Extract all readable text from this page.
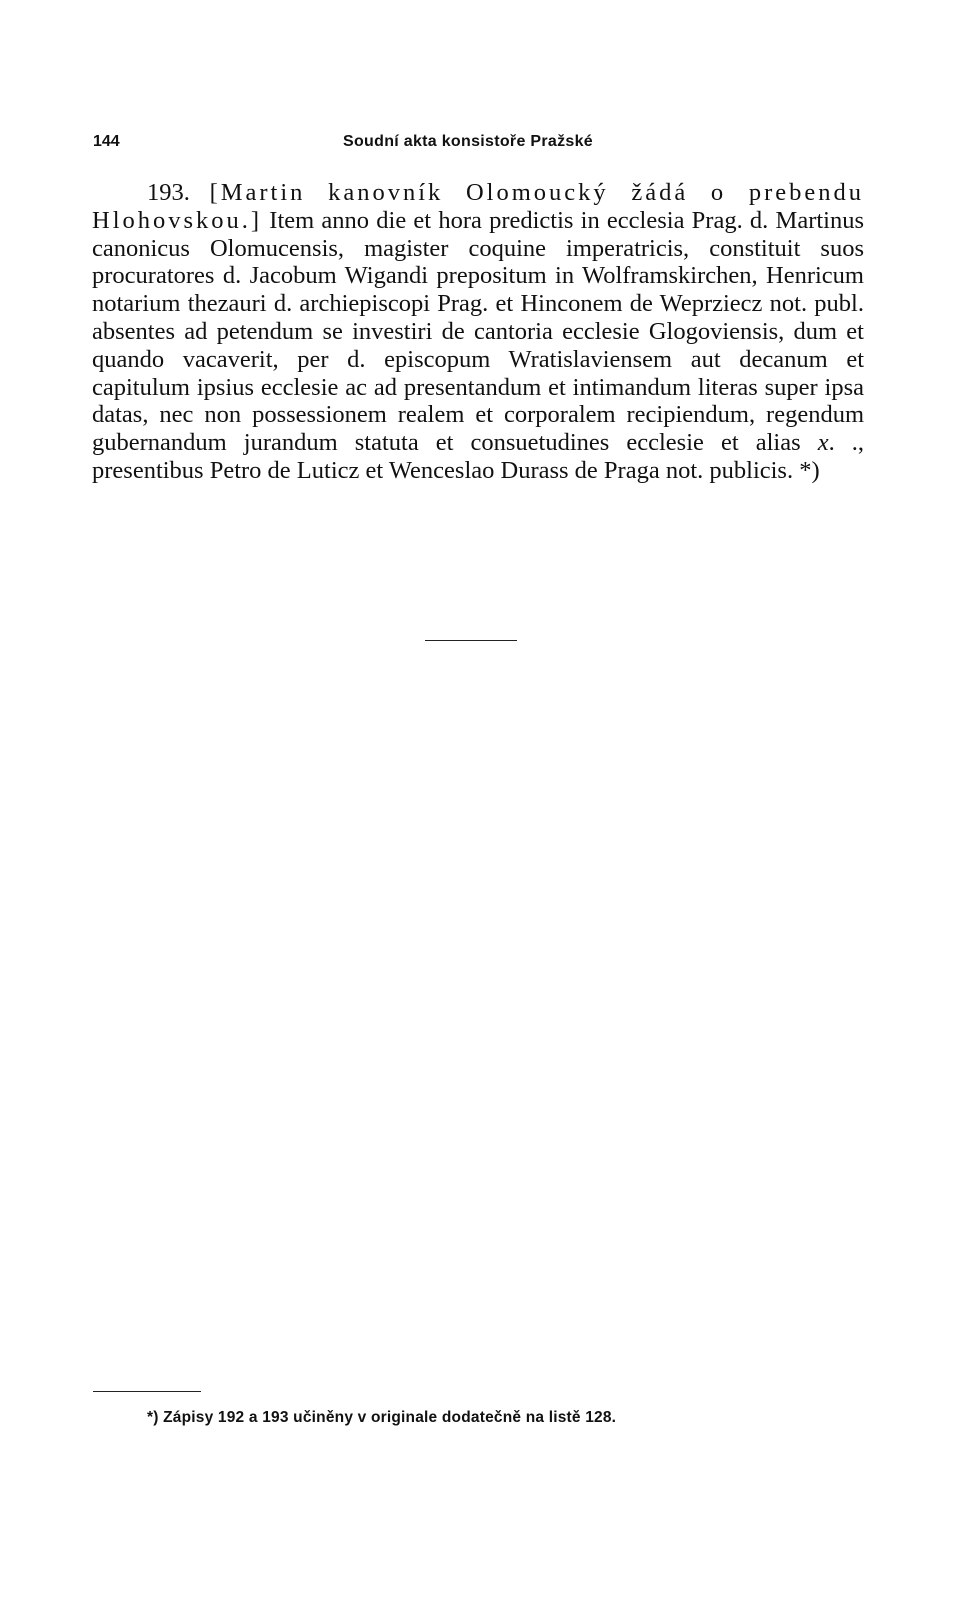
144	Soudní akta konsistoře Pražské
193. [Martin kanovník Olomoucký žádá o prebendu Hlohovskou.] Item anno die et hora predictis in ecclesia Prag. d. Martinus canonicus Olomucensis, magister coquine imperatricis, constituit suos procuratores d. Jacobum Wigandi prepositum in Wolframskirchen, Henricum notarium thezauri d. archiepiscopi Prag. et Hinconem de Weprziecz not. publ. absentes ad petendum se investiri de cantoria ecclesie Glogoviensis, dum et quando vacaverit, per d. episcopum Wratislaviensem aut decanum et capitulum ipsius ecclesie ac ad presentandum et intimandum literas super ipsa datas, nec non possessionem realem et corporalem recipiendum, regendum gubernandum jurandum statuta et consuetudines ecclesie et alias x. ., presentibus Petro de Luticz et Wenceslao Durass de Praga not. publicis. *)
*) Zápisy 192 a 193 učiněny v originale dodatečně na listě 128.
